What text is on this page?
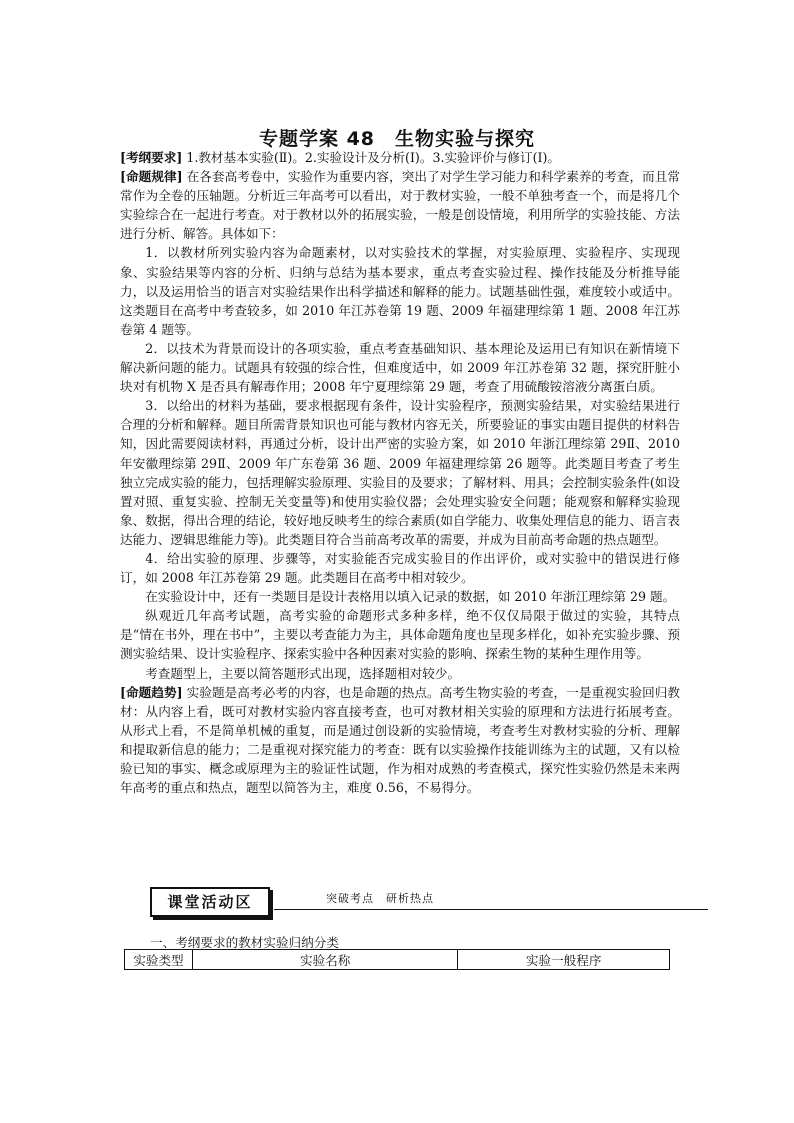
专题学案 48　生物实验与探究

[考纲要求] 1.教材基本实验(Ⅱ)。2.实验设计及分析(Ⅰ)。3.实验评价与修订(Ⅰ)。

[命题规律] 在各套高考卷中，实验作为重要内容，突出了对学生学习能力和科学素养的考查，而且常常作为全卷的压轴题。分析近三年高考可以看出，对于教材实验，一般不单独考查一个，而是将几个实验综合在一起进行考查。对于教材以外的拓展实验，一般是创设情境，利用所学的实验技能、方法进行分析、解答。具体如下：

1．以教材所列实验内容为命题素材，以对实验技术的掌握，对实验原理、实验程序、实现现象、实验结果等内容的分析、归纳与总结为基本要求，重点考查实验过程、操作技能及分析推导能力，以及运用恰当的语言对实验结果作出科学描述和解释的能力。试题基础性强，难度较小或适中。这类题目在高考中考查较多，如 2010 年江苏卷第 19 题、2009 年福建理综第 1 题、2008 年江苏卷第 4 题等。

2．以技术为背景而设计的各项实验，重点考查基础知识、基本理论及运用已有知识在新情境下解决新问题的能力。试题具有较强的综合性，但难度适中，如 2009 年江苏卷第 32 题，探究肝脏小块对有机物 X 是否具有解毒作用；2008 年宁夏理综第 29 题，考查了用硫酸铵溶液分离蛋白质。

3．以给出的材料为基础，要求根据现有条件，设计实验程序，预测实验结果，对实验结果进行合理的分析和解释。题目所需背景知识也可能与教材内容无关，所要验证的事实由题目提供的材料告知，因此需要阅读材料，再通过分析，设计出严密的实验方案，如 2010 年浙江理综第 29Ⅱ、2010 年安徽理综第 29Ⅱ、2009 年广东卷第 36 题、2009 年福建理综第 26 题等。此类题目考查了考生独立完成实验的能力，包括理解实验原理、实验目的及要求；了解材料、用具；会控制实验条件(如设置对照、重复实验、控制无关变量等)和使用实验仪器；会处理实验安全问题；能观察和解释实验现象、数据，得出合理的结论，较好地反映考生的综合素质(如自学能力、收集处理信息的能力、语言表达能力、逻辑思维能力等)。此类题目符合当前高考改革的需要，并成为目前高考命题的热点题型。

4．给出实验的原理、步骤等，对实验能否完成实验目的作出评价，或对实验中的错误进行修订，如 2008 年江苏卷第 29 题。此类题目在高考中相对较少。

在实验设计中，还有一类题目是设计表格用以填入记录的数据，如 2010 年浙江理综第 29 题。

纵观近几年高考试题，高考实验的命题形式多种多样，绝不仅仅局限于做过的实验，其特点是“情在书外，理在书中”，主要以考查能力为主，具体命题角度也呈现多样化，如补充实验步骤、预测实验结果、设计实验程序、探索实验中各种因素对实验的影响、探索生物的某种生理作用等。

考查题型上，主要以简答题形式出现，选择题相对较少。

[命题趋势] 实验题是高考必考的内容，也是命题的热点。高考生物实验的考查，一是重视实验回归教材：从内容上看，既可对教材实验内容直接考查，也可对教材相关实验的原理和方法进行拓展考查。从形式上看，不是简单机械的重复，而是通过创设新的实验情境，考查考生对教材实验的分析、理解和提取新信息的能力；二是重视对探究能力的考查：既有以实验操作技能训练为主的试题，又有以检验已知的事实、概念或原理为主的验证性试题，作为相对成熟的考查模式，探究性实验仍然是未来两年高考的重点和热点，题型以简答为主，难度 0.56，不易得分。

课堂活动区	突破考点　研析热点
一、考纲要求的教材实验归纳分类
实验类型	实验名称	实验一般程序
